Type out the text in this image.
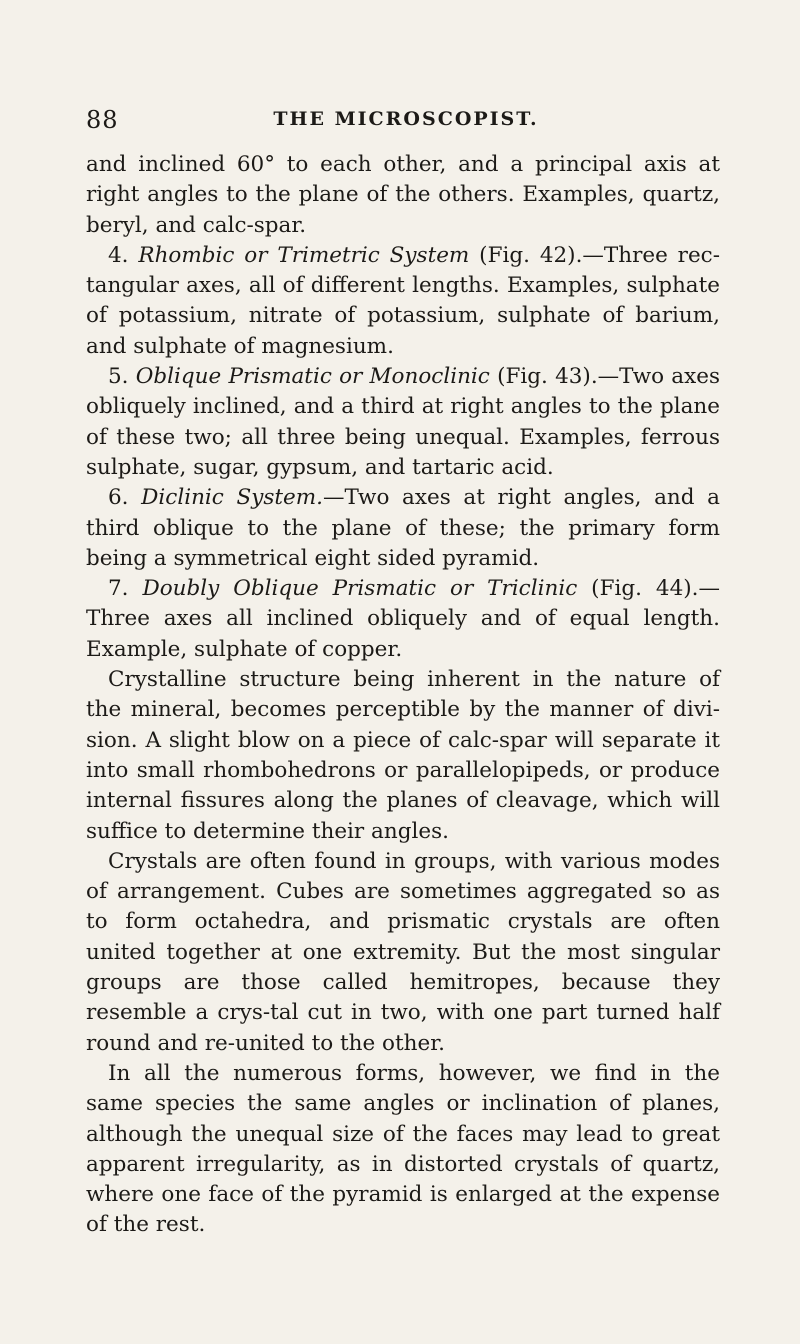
88	THE MICROSCOPIST.

and inclined 60° to each other, and a principal axis at right angles to the plane of the others. Examples, quartz, beryl, and calc-spar.

4. Rhombic or Trimetric System (Fig. 42).—Three rec-tangular axes, all of different lengths. Examples, sulphate of potassium, nitrate of potassium, sulphate of barium, and sulphate of magnesium.

5. Oblique Prismatic or Monoclinic (Fig. 43).—Two axes obliquely inclined, and a third at right angles to the plane of these two; all three being unequal. Examples, ferrous sulphate, sugar, gypsum, and tartaric acid.

6. Diclinic System.—Two axes at right angles, and a third oblique to the plane of these; the primary form being a symmetrical eight sided pyramid.

7. Doubly Oblique Prismatic or Triclinic (Fig. 44).—Three axes all inclined obliquely and of equal length. Example, sulphate of copper.

Crystalline structure being inherent in the nature of the mineral, becomes perceptible by the manner of divi-sion. A slight blow on a piece of calc-spar will separate it into small rhombohedrons or parallelopipeds, or produce internal fissures along the planes of cleavage, which will suffice to determine their angles.

Crystals are often found in groups, with various modes of arrangement. Cubes are sometimes aggregated so as to form octahedra, and prismatic crystals are often united together at one extremity. But the most singular groups are those called hemitropes, because they resemble a crys-tal cut in two, with one part turned half round and re-united to the other.

In all the numerous forms, however, we find in the same species the same angles or inclination of planes, although the unequal size of the faces may lead to great apparent irregularity, as in distorted crystals of quartz, where one face of the pyramid is enlarged at the expense of the rest.
